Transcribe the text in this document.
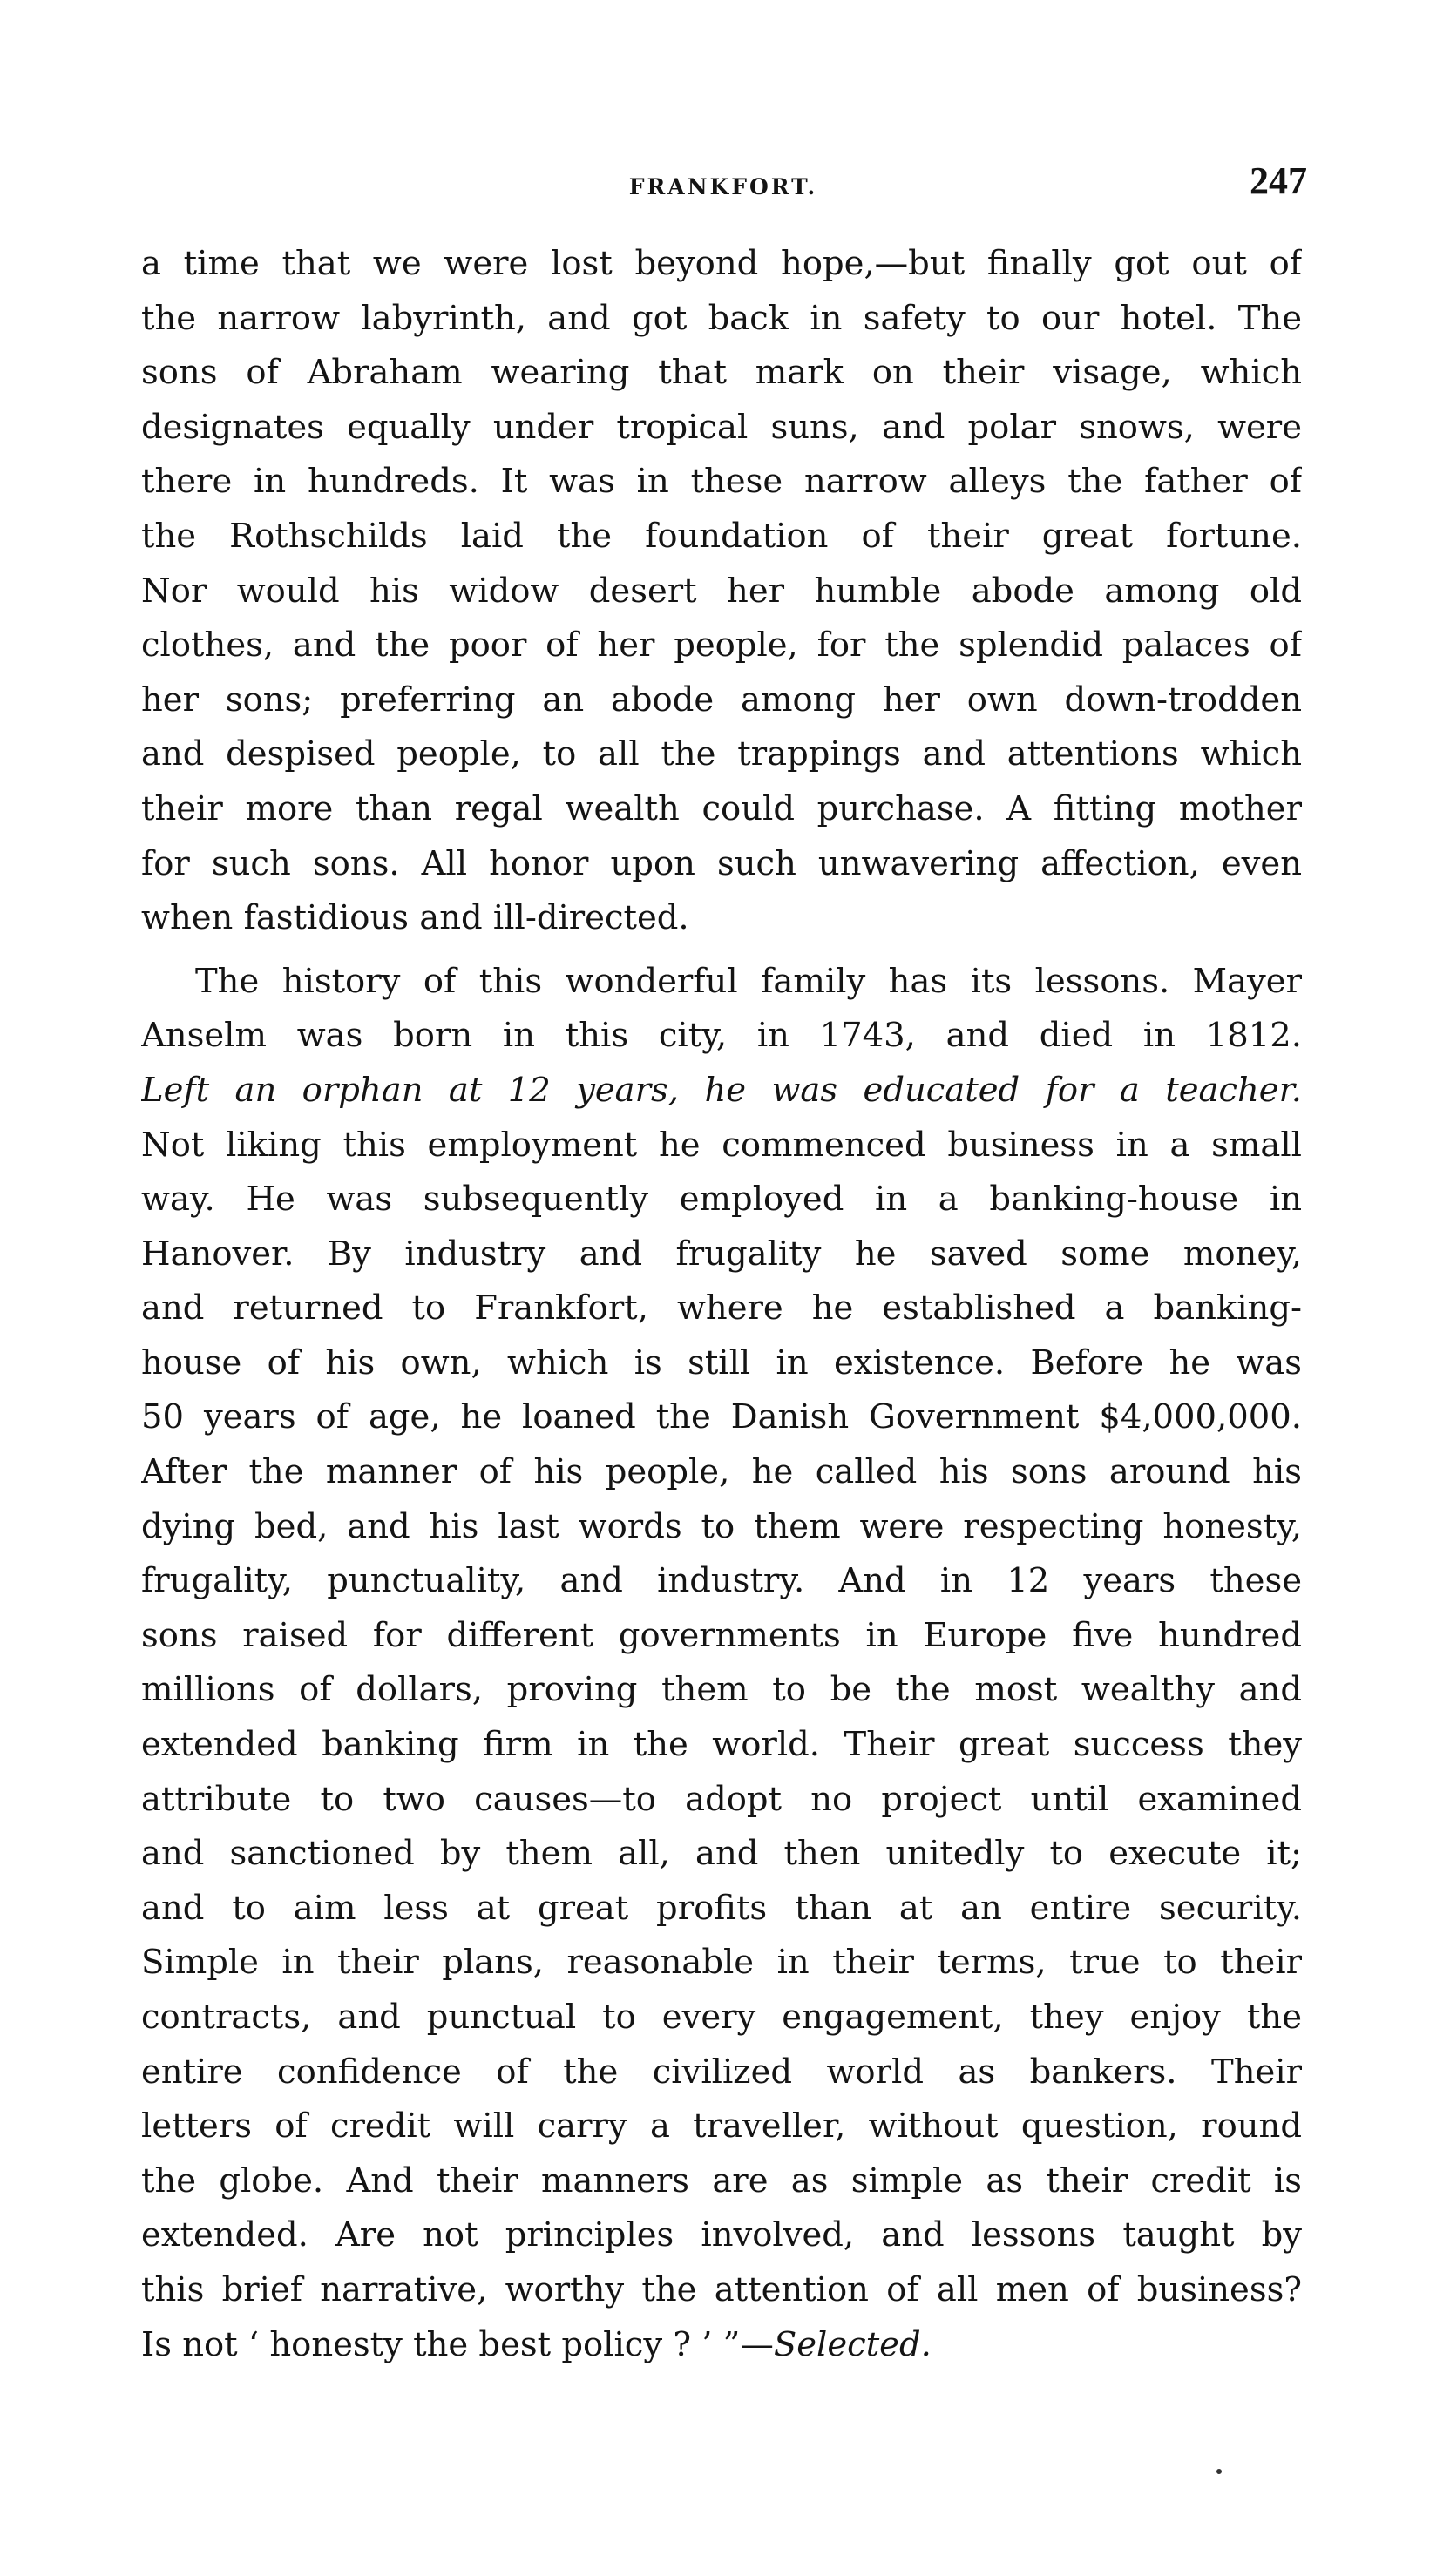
FRANKFORT.	247
a time that we were lost beyond hope,—but finally got out of
the narrow labyrinth, and got back in safety to our hotel. The
sons of Abraham wearing that mark on their visage, which
designates equally under tropical suns, and polar snows, were
there in hundreds. It was in these narrow alleys the father of
the Rothschilds laid the foundation of their great fortune.
Nor would his widow desert her humble abode among old
clothes, and the poor of her people, for the splendid palaces of
her sons; preferring an abode among her own down-trodden
and despised people, to all the trappings and attentions which
their more than regal wealth could purchase. A fitting mother
for such sons. All honor upon such unwavering affection, even
when fastidious and ill-directed.
The history of this wonderful family has its lessons. Mayer
Anselm was born in this city, in 1743, and died in 1812.
Left an orphan at 12 years, he was educated for a teacher.
Not liking this employment he commenced business in a small
way. He was subsequently employed in a banking-house in
Hanover. By industry and frugality he saved some money,
and returned to Frankfort, where he established a banking-
house of his own, which is still in existence. Before he was
50 years of age, he loaned the Danish Government $4,000,000.
After the manner of his people, he called his sons around his
dying bed, and his last words to them were respecting honesty,
frugality, punctuality, and industry. And in 12 years these
sons raised for different governments in Europe five hundred
millions of dollars, proving them to be the most wealthy and
extended banking firm in the world. Their great success they
attribute to two causes—to adopt no project until examined
and sanctioned by them all, and then unitedly to execute it;
and to aim less at great profits than at an entire security.
Simple in their plans, reasonable in their terms, true to their
contracts, and punctual to every engagement, they enjoy the
entire confidence of the civilized world as bankers. Their
letters of credit will carry a traveller, without question, round
the globe. And their manners are as simple as their credit is
extended. Are not principles involved, and lessons taught by
this brief narrative, worthy the attention of all men of business?
Is not ‘ honesty the best policy ? ’ ”—Selected.
